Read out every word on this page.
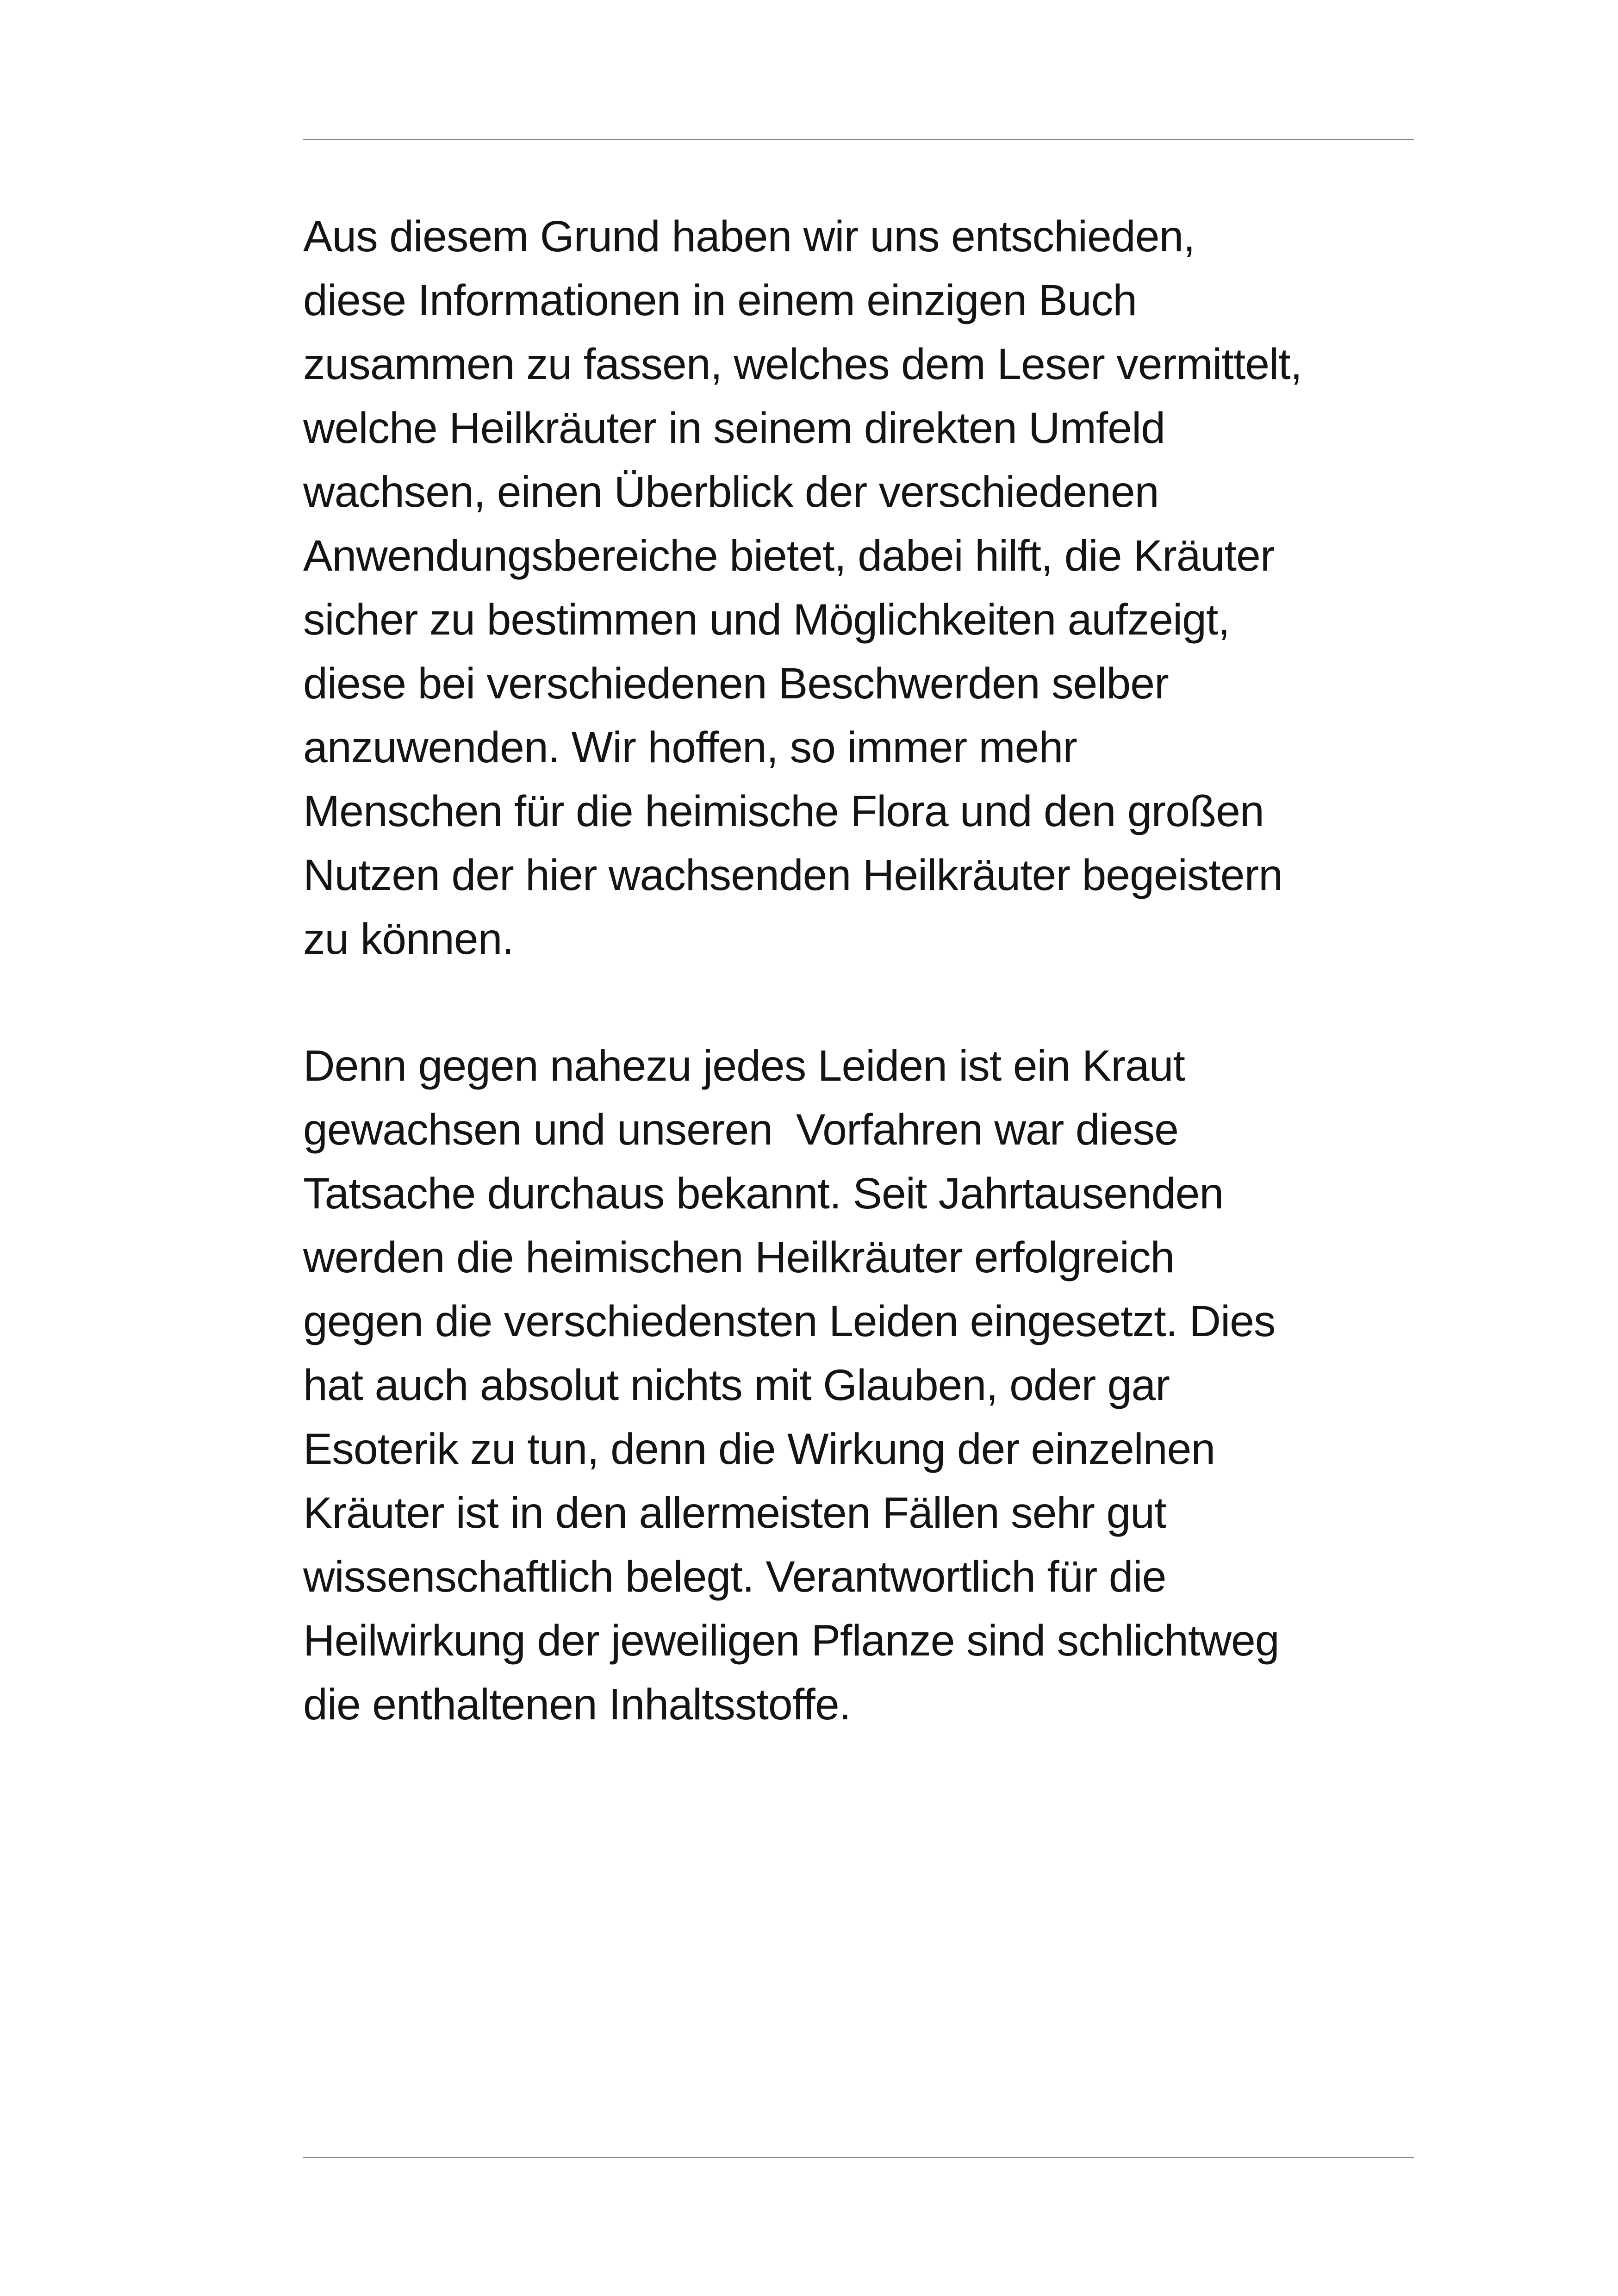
Aus diesem Grund haben wir uns entschieden,
diese Informationen in einem einzigen Buch
zusammen zu fassen, welches dem Leser vermittelt,
welche Heilkräuter in seinem direkten Umfeld
wachsen, einen Überblick der verschiedenen
Anwendungsbereiche bietet, dabei hilft, die Kräuter
sicher zu bestimmen und Möglichkeiten aufzeigt,
diese bei verschiedenen Beschwerden selber
anzuwenden. Wir hoffen, so immer mehr
Menschen für die heimische Flora und den großen
Nutzen der hier wachsenden Heilkräuter begeistern
zu können.
Denn gegen nahezu jedes Leiden ist ein Kraut
gewachsen und unseren  Vorfahren war diese
Tatsache durchaus bekannt. Seit Jahrtausenden
werden die heimischen Heilkräuter erfolgreich
gegen die verschiedensten Leiden eingesetzt. Dies
hat auch absolut nichts mit Glauben, oder gar
Esoterik zu tun, denn die Wirkung der einzelnen
Kräuter ist in den allermeisten Fällen sehr gut
wissenschaftlich belegt. Verantwortlich für die
Heilwirkung der jeweiligen Pflanze sind schlichtweg
die enthaltenen Inhaltsstoffe.
